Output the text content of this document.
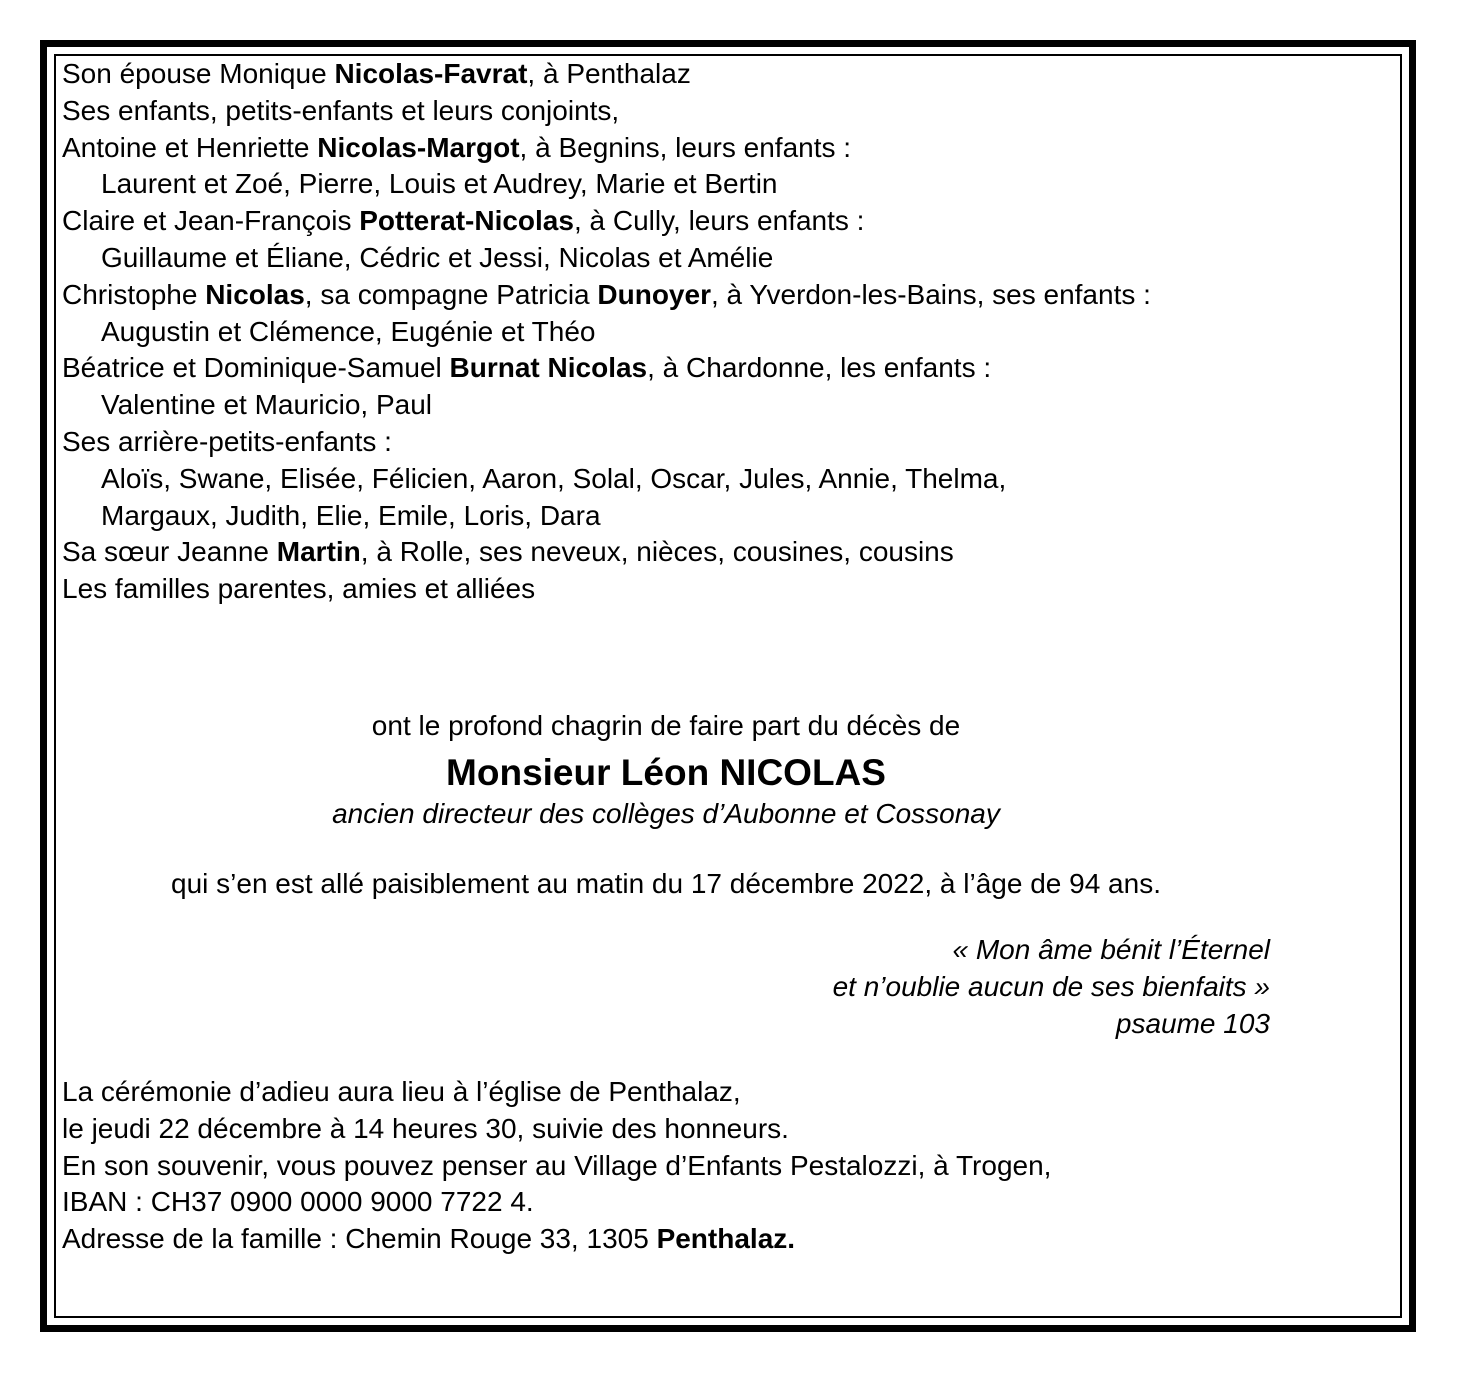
Son épouse Monique Nicolas-Favrat, à Penthalaz
Ses enfants, petits-enfants et leurs conjoints,
Antoine et Henriette Nicolas-Margot, à Begnins, leurs enfants :
Laurent et Zoé, Pierre, Louis et Audrey, Marie et Bertin
Claire et Jean-François Potterat-Nicolas, à Cully, leurs enfants :
Guillaume et Éliane, Cédric et Jessi, Nicolas et Amélie
Christophe Nicolas, sa compagne Patricia Dunoyer, à Yverdon-les-Bains, ses enfants :
Augustin et Clémence, Eugénie et Théo
Béatrice et Dominique-Samuel Burnat Nicolas, à Chardonne, les enfants :
Valentine et Mauricio, Paul
Ses arrière-petits-enfants :
Aloïs, Swane, Elisée, Félicien, Aaron, Solal, Oscar, Jules, Annie, Thelma,
Margaux, Judith, Elie, Emile, Loris, Dara
Sa sœur Jeanne Martin, à Rolle, ses neveux, nièces, cousines, cousins
Les familles parentes, amies et alliées

ont le profond chagrin de faire part du décès de

Monsieur Léon NICOLAS
ancien directeur des collèges d’Aubonne et Cossonay
qui s’en est allé paisiblement au matin du 17 décembre 2022, à l’âge de 94 ans.
« Mon âme bénit l’Éternel
et n’oublie aucun de ses bienfaits »
psaume 103
La cérémonie d’adieu aura lieu à l’église de Penthalaz,
le jeudi 22 décembre à 14 heures 30, suivie des honneurs.
En son souvenir, vous pouvez penser au Village d’Enfants Pestalozzi, à Trogen,
IBAN : CH37 0900 0000 9000 7722 4.
Adresse de la famille : Chemin Rouge 33, 1305 Penthalaz.
